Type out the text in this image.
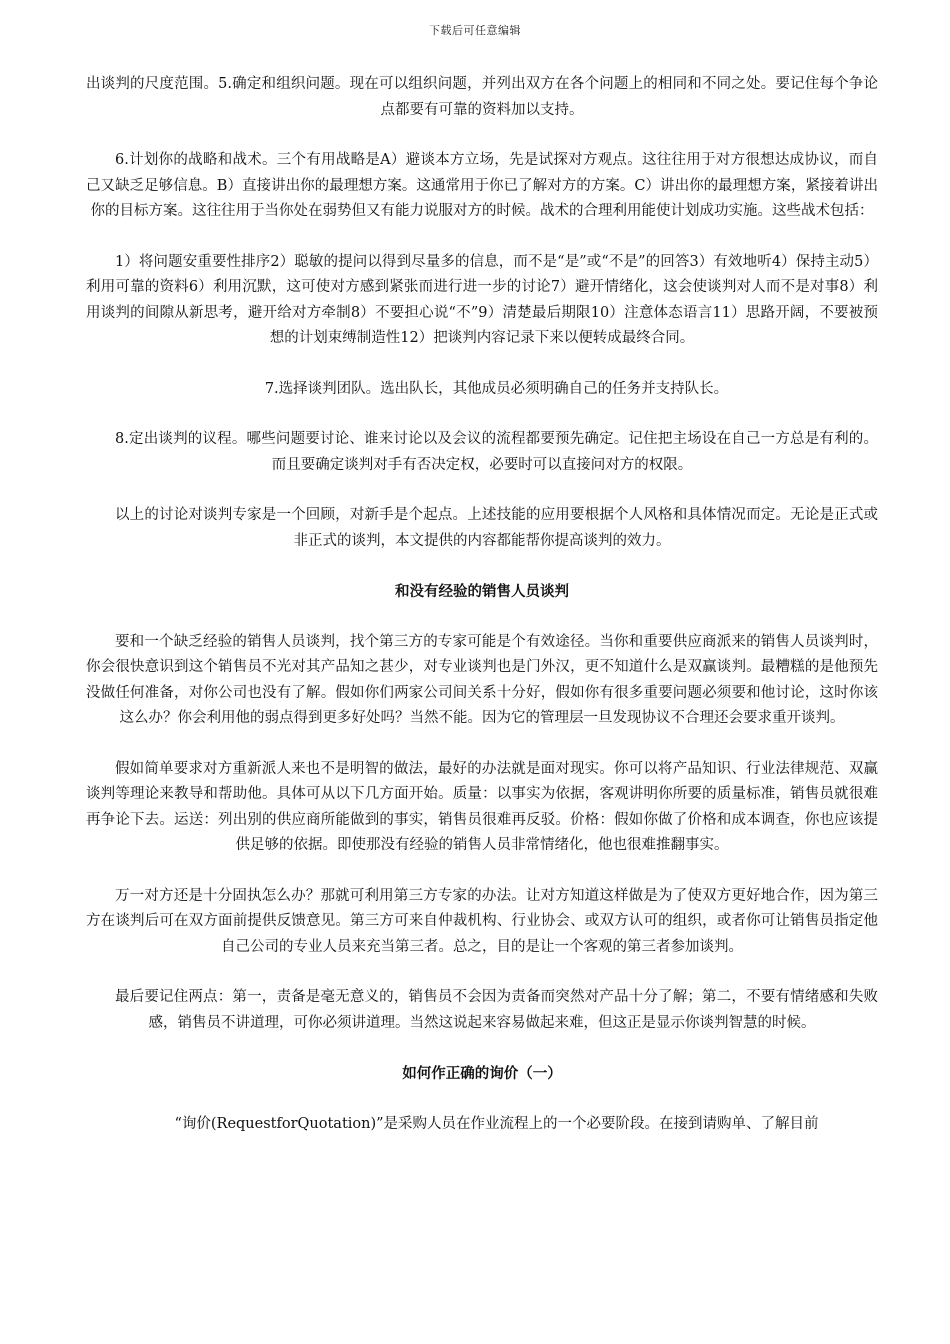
下载后可任意编辑

出谈判的尺度范围。5.确定和组织问题。现在可以组织问题，并列出双方在各个问题上的相同和不同之处。要记住每个争论点都要有可靠的资料加以支持。

6.计划你的战略和战术。三个有用战略是A）避谈本方立场，先是试探对方观点。这往往用于对方很想达成协议，而自己又缺乏足够信息。B）直接讲出你的最理想方案。这通常用于你已了解对方的方案。C）讲出你的最理想方案，紧接着讲出你的目标方案。这往往用于当你处在弱势但又有能力说服对方的时候。战术的合理利用能使计划成功实施。这些战术包括：

1）将问题安重要性排序2）聪敏的提问以得到尽量多的信息，而不是“是”或“不是”的回答3）有效地听4）保持主动5）利用可靠的资料6）利用沉默，这可使对方感到紧张而进行进一步的讨论7）避开情绪化，这会使谈判对人而不是对事8）利用谈判的间隙从新思考，避开给对方牵制8）不要担心说“不”9）清楚最后期限10）注意体态语言11）思路开阔，不要被预想的计划束缚制造性12）把谈判内容记录下来以便转成最终合同。

7.选择谈判团队。选出队长，其他成员必须明确自己的任务并支持队长。

8.定出谈判的议程。哪些问题要讨论、谁来讨论以及会议的流程都要预先确定。记住把主场设在自己一方总是有利的。而且要确定谈判对手有否决定权，必要时可以直接问对方的权限。

以上的讨论对谈判专家是一个回顾，对新手是个起点。上述技能的应用要根据个人风格和具体情况而定。无论是正式或非正式的谈判，本文提供的内容都能帮你提高谈判的效力。

和没有经验的销售人员谈判

要和一个缺乏经验的销售人员谈判，找个第三方的专家可能是个有效途径。当你和重要供应商派来的销售人员谈判时，你会很快意识到这个销售员不光对其产品知之甚少，对专业谈判也是门外汉，更不知道什么是双赢谈判。最糟糕的是他预先没做任何准备，对你公司也没有了解。假如你们两家公司间关系十分好，假如你有很多重要问题必须要和他讨论，这时你该这么办？你会利用他的弱点得到更多好处吗？当然不能。因为它的管理层一旦发现协议不合理还会要求重开谈判。

假如简单要求对方重新派人来也不是明智的做法，最好的办法就是面对现实。你可以将产品知识、行业法律规范、双赢谈判等理论来教导和帮助他。具体可从以下几方面开始。质量：以事实为依据，客观讲明你所要的质量标准，销售员就很难再争论下去。运送：列出别的供应商所能做到的事实，销售员很难再反驳。价格：假如你做了价格和成本调查，你也应该提供足够的依据。即使那没有经验的销售人员非常情绪化，他也很难推翻事实。

万一对方还是十分固执怎么办？那就可利用第三方专家的办法。让对方知道这样做是为了使双方更好地合作，因为第三方在谈判后可在双方面前提供反馈意见。第三方可来自仲裁机构、行业协会、或双方认可的组织，或者你可让销售员指定他自己公司的专业人员来充当第三者。总之，目的是让一个客观的第三者参加谈判。

最后要记住两点：第一，责备是毫无意义的，销售员不会因为责备而突然对产品十分了解；第二，不要有情绪感和失败感，销售员不讲道理，可你必须讲道理。当然这说起来容易做起来难，但这正是显示你谈判智慧的时候。

如何作正确的询价（一）

“询价(RequestforQuotation)”是采购人员在作业流程上的一个必要阶段。在接到请购单、了解目前
